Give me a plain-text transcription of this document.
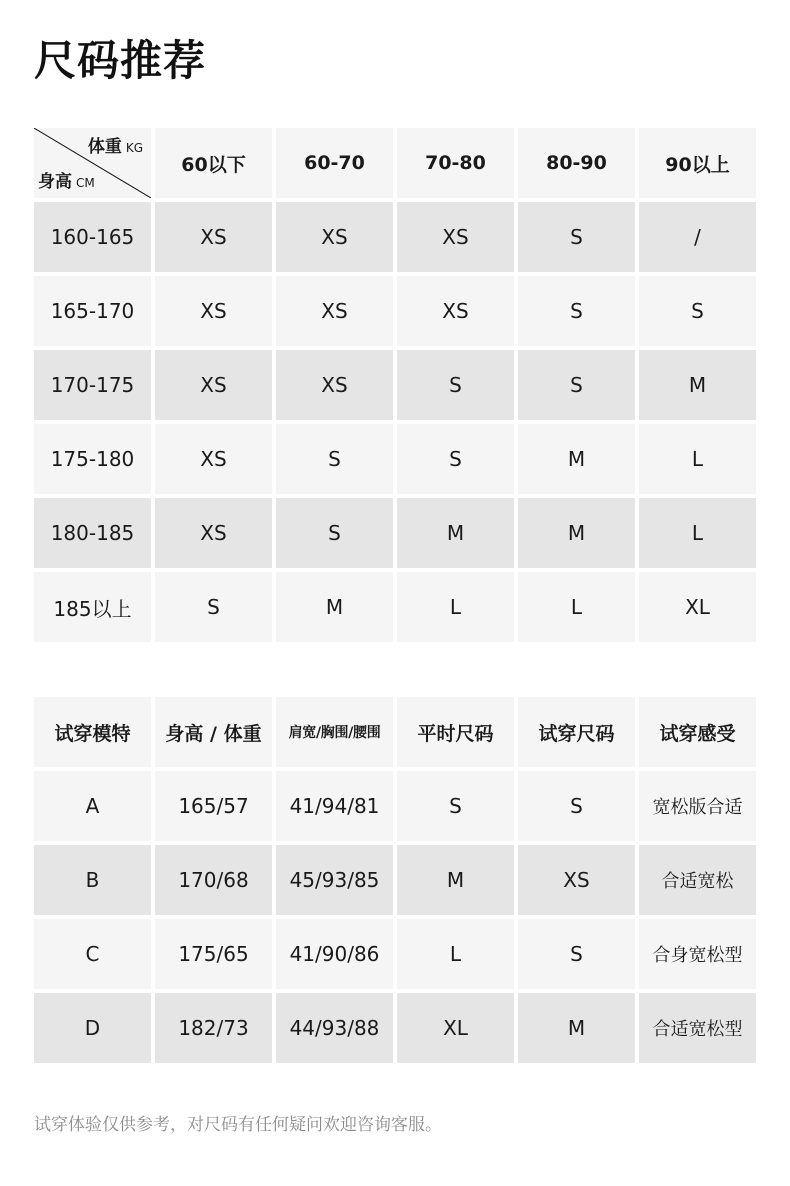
尺码推荐
体重 KG
身高 CM
60以下	60-70	70-80	80-90	90以上
160-165	XS	XS	XS	S	/
165-170	XS	XS	XS	S	S
170-175	XS	XS	S	S	M
175-180	XS	S	S	M	L
180-185	XS	S	M	M	L
185以上	S	M	L	L	XL
试穿模特	身高 / 体重	肩宽/胸围/腰围	平时尺码	试穿尺码	试穿感受
A	165/57	41/94/81	S	S	宽松版合适
B	170/68	45/93/85	M	XS	合适宽松
C	175/65	41/90/86	L	S	合身宽松型
D	182/73	44/93/88	XL	M	合适宽松型
试穿体验仅供参考，对尺码有任何疑问欢迎咨询客服。
